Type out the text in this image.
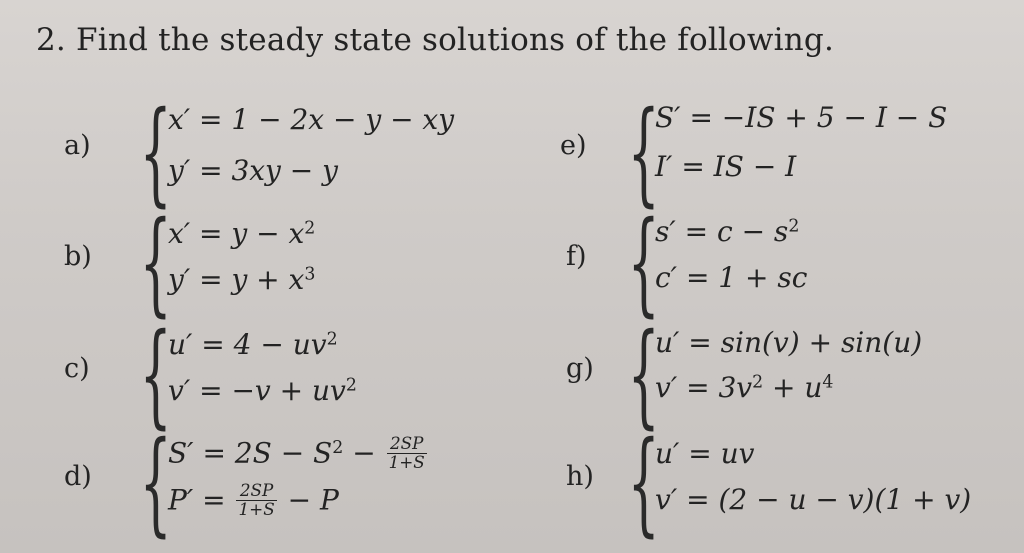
2. Find the steady state solutions of the following.
a) {
x′ = 1 − 2x − y − xy
y′ = 3xy − y
b) {
$x' = y - x^2$
$y' = y + x^3$
c) {
$u' = 4 - uv^2$
$v' = -v + uv^2$
d) {
$S' = 2S - S^2 - \frac{2SP}{1+S}$
$P' = \frac{2SP}{1+S} - P$
e) {
S′ = −IS + 5 − I − S
I′ = IS − I
f) {
$s' = c - s^2$
c′ = 1 + sc
g) {
u′ = sin(v) + sin(u)
$v' = 3v^2 + u^4$
h) {
u′ = uv
v′ = (2 − u − v)(1 + v)
